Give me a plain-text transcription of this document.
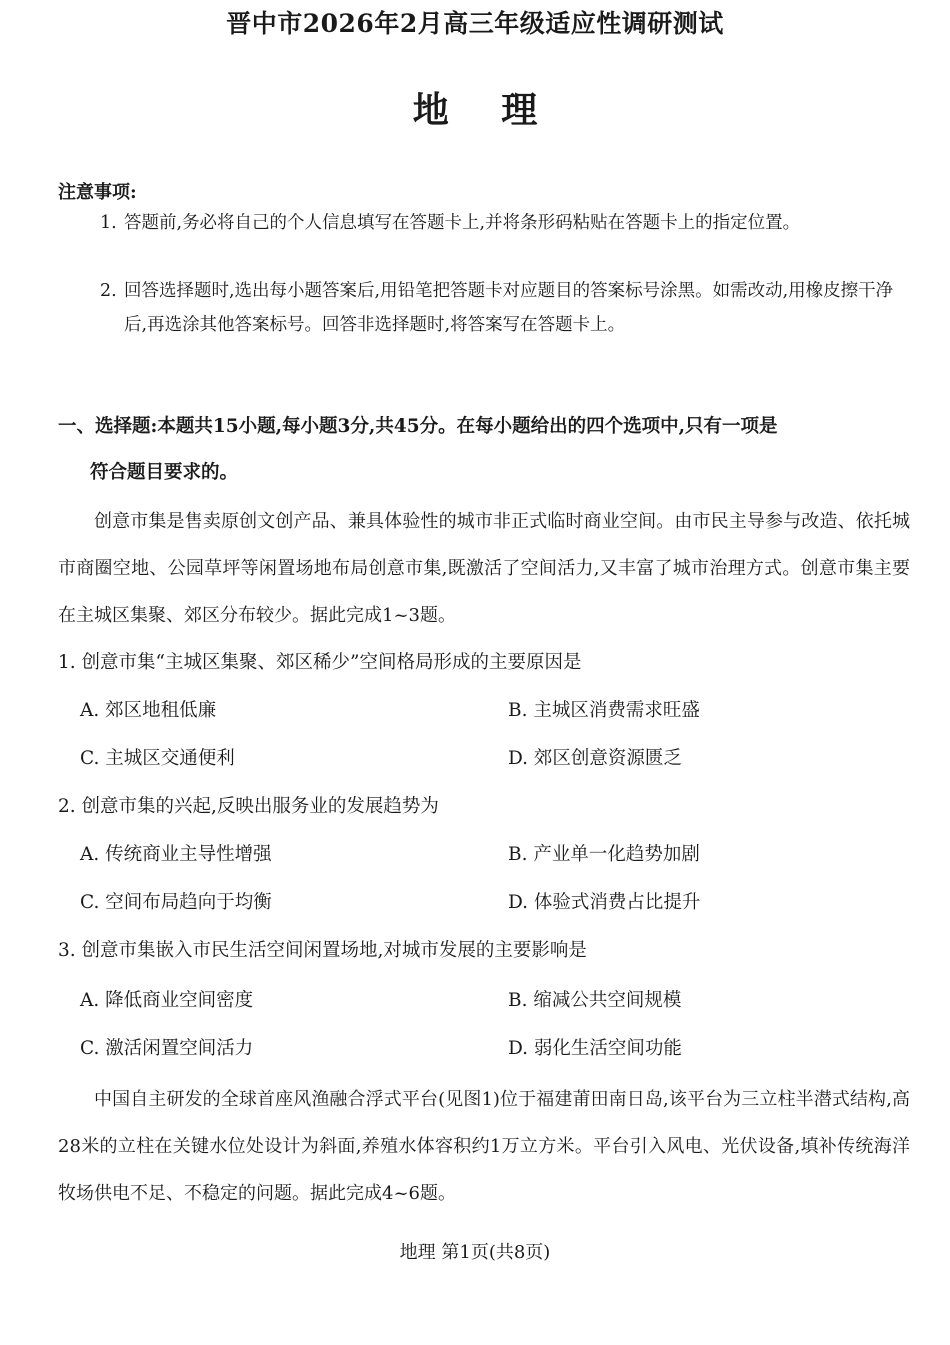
晋中市2026年2月高三年级适应性调研测试
地 理
注意事项:
1. 答题前,务必将自己的个人信息填写在答题卡上,并将条形码粘贴在答题卡上的指定位置。
2. 回答选择题时,选出每小题答案后,用铅笔把答题卡对应题目的答案标号涂黑。如需改动,用橡皮擦干净后,再选涂其他答案标号。回答非选择题时,将答案写在答题卡上。
一、选择题:本题共15小题,每小题3分,共45分。在每小题给出的四个选项中,只有一项是
符合题目要求的。
创意市集是售卖原创文创产品、兼具体验性的城市非正式临时商业空间。由市民主导参与改造、依托城市商圈空地、公园草坪等闲置场地布局创意市集,既激活了空间活力,又丰富了城市治理方式。创意市集主要在主城区集聚、郊区分布较少。据此完成1~3题。
1. 创意市集“主城区集聚、郊区稀少”空间格局形成的主要原因是
A. 郊区地租低廉	B. 主城区消费需求旺盛
C. 主城区交通便利	D. 郊区创意资源匮乏
2. 创意市集的兴起,反映出服务业的发展趋势为
A. 传统商业主导性增强	B. 产业单一化趋势加剧
C. 空间布局趋向于均衡	D. 体验式消费占比提升
3. 创意市集嵌入市民生活空间闲置场地,对城市发展的主要影响是
A. 降低商业空间密度	B. 缩减公共空间规模
C. 激活闲置空间活力	D. 弱化生活空间功能
中国自主研发的全球首座风渔融合浮式平台(见图1)位于福建莆田南日岛,该平台为三立柱半潜式结构,高28米的立柱在关键水位处设计为斜面,养殖水体容积约1万立方米。平台引入风电、光伏设备,填补传统海洋牧场供电不足、不稳定的问题。据此完成4~6题。
地理 第1页(共8页)
